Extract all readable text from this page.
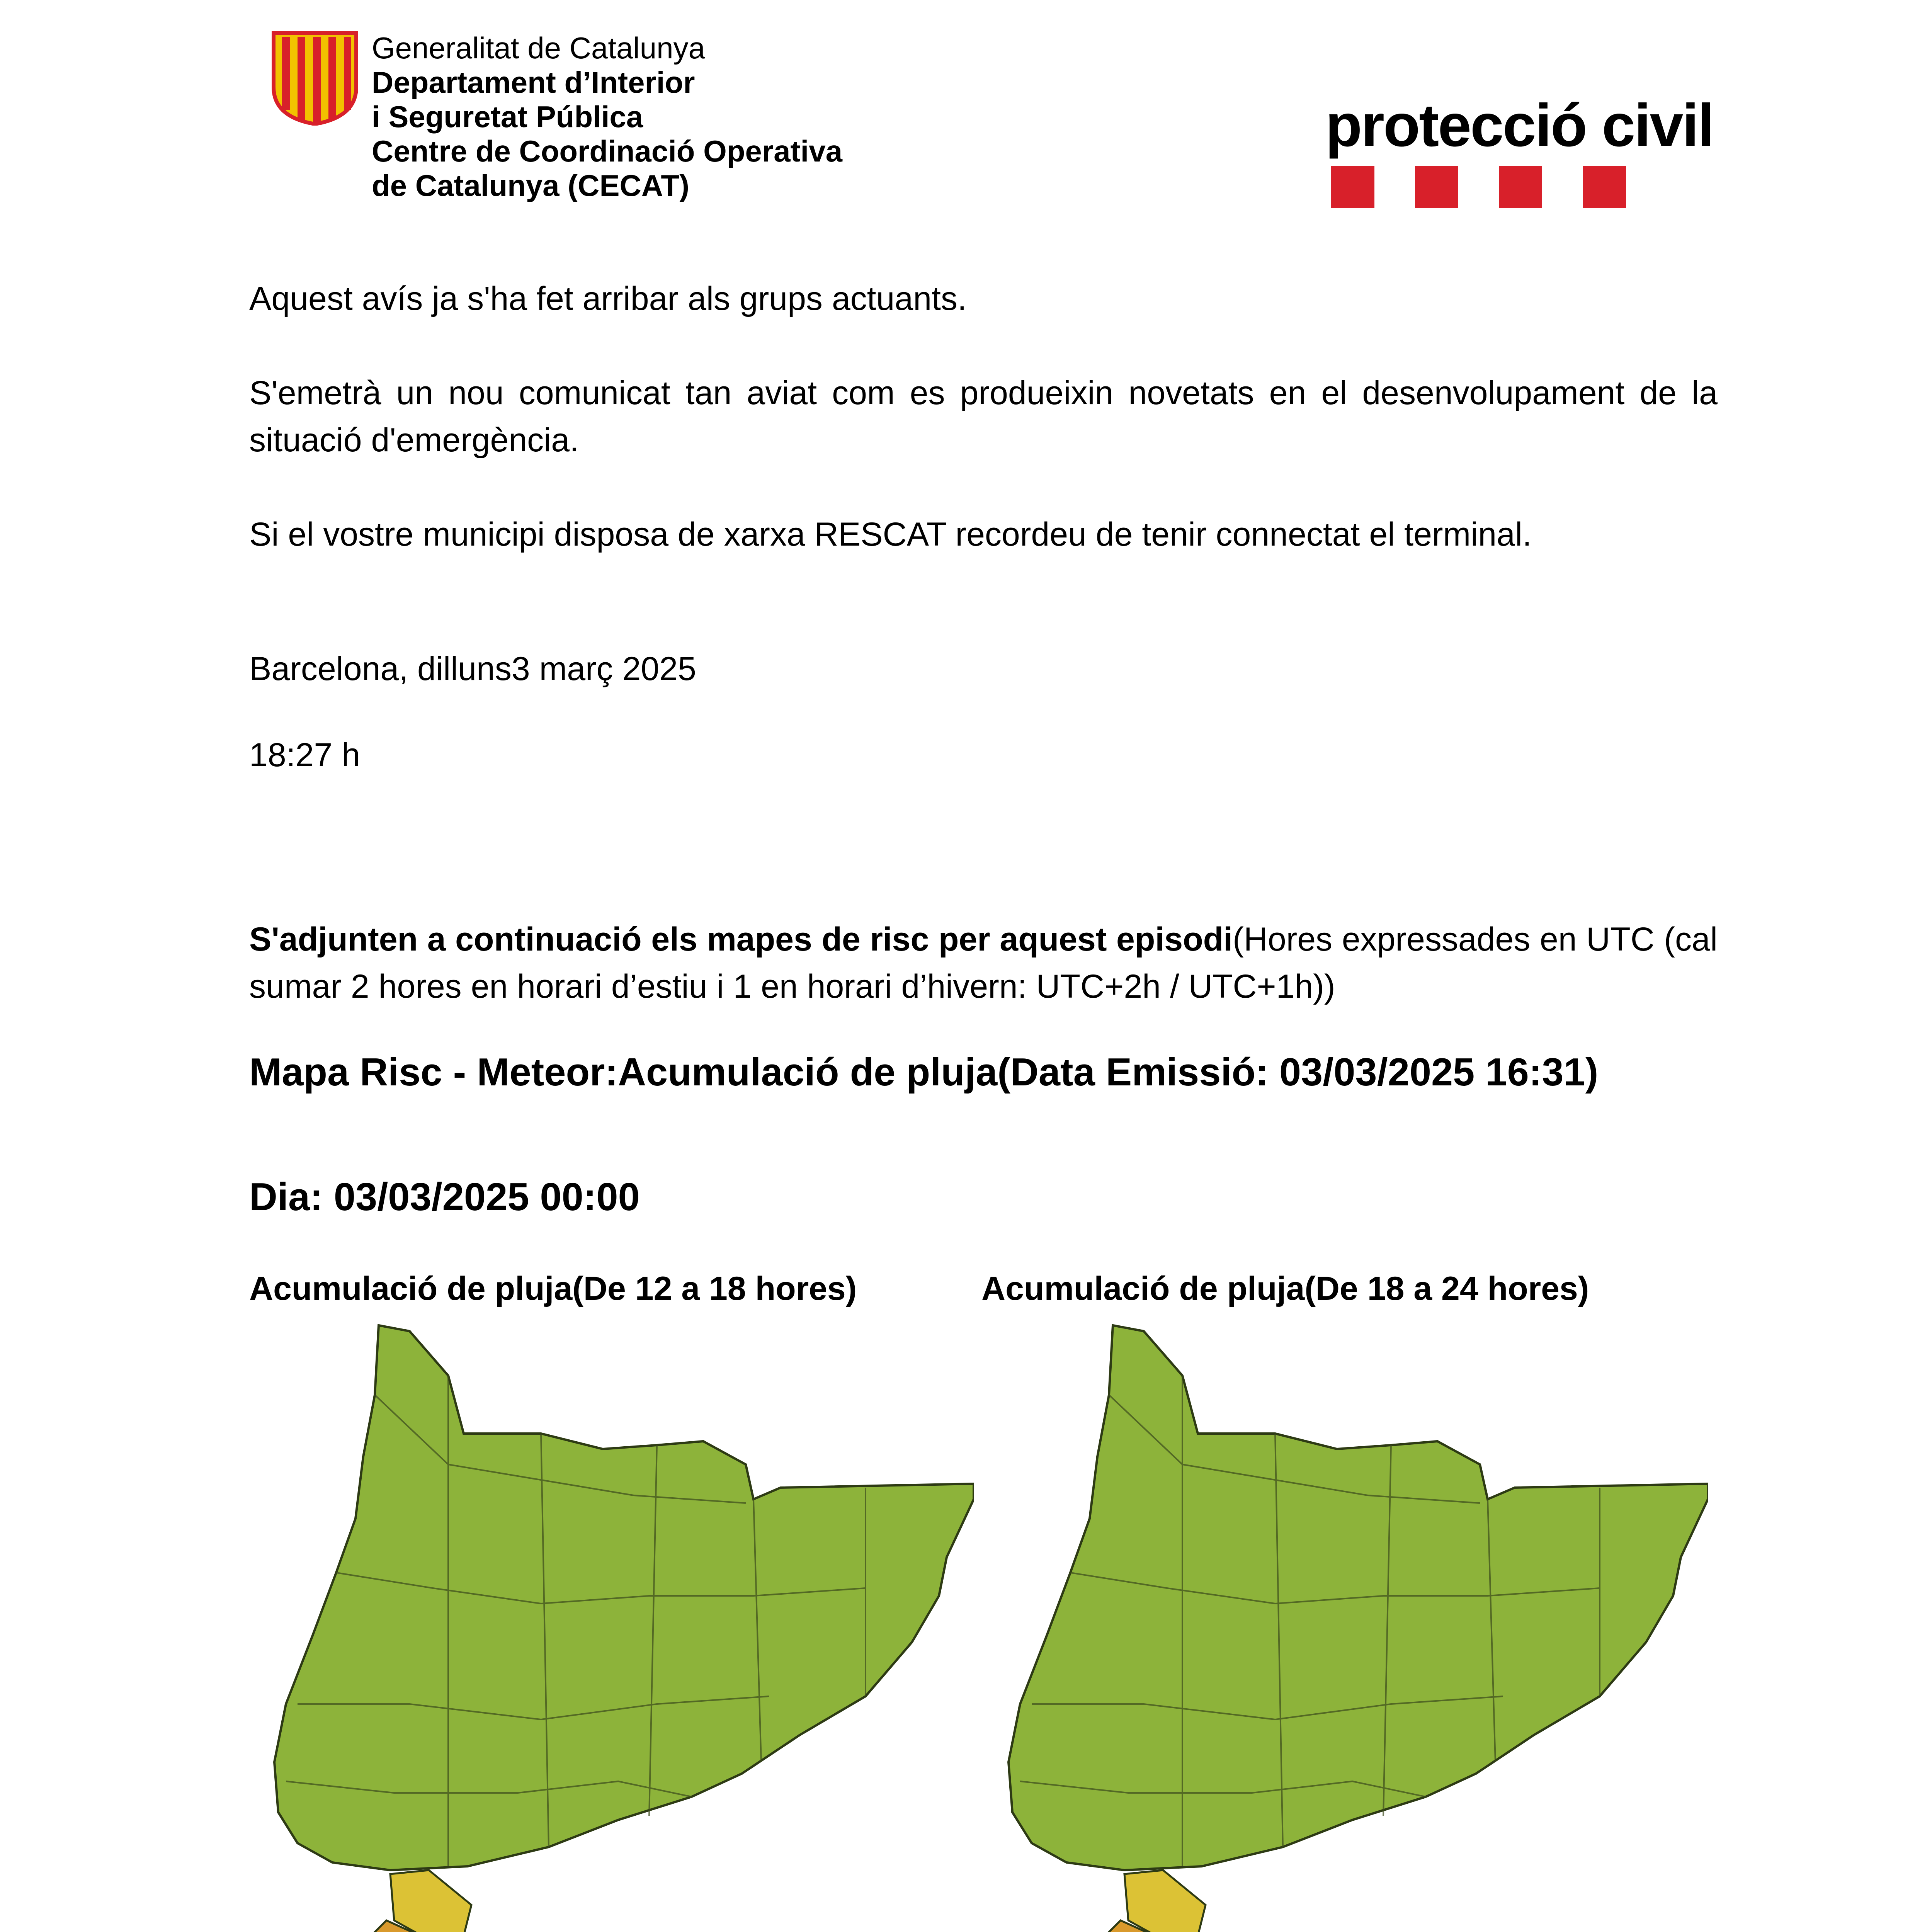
Generalitat de Catalunya
Departament d’Interior
i Seguretat Pública
Centre de Coordinació Operativa
de Catalunya (CECAT)
protecció civil
Aquest avís ja s'ha fet arribar als grups actuants.
S'emetrà un nou comunicat tan aviat com es produeixin novetats en el desenvolupament de la situació d'emergència.
Si el vostre municipi disposa de xarxa RESCAT recordeu de tenir connectat el terminal.
Barcelona, dilluns3 març 2025
18:27 h
S'adjunten a continuació els mapes de risc per aquest episodi(Hores expressades en UTC (cal sumar 2 hores en horari d’estiu i 1 en horari d’hivern: UTC+2h / UTC+1h))
Mapa Risc - Meteor:Acumulació de pluja(Data Emissió: 03/03/2025 16:31)
Dia: 03/03/2025 00:00
Acumulació de pluja(De 12 a 18 hores)	Acumulació de pluja(De 18 a 24 hores)
